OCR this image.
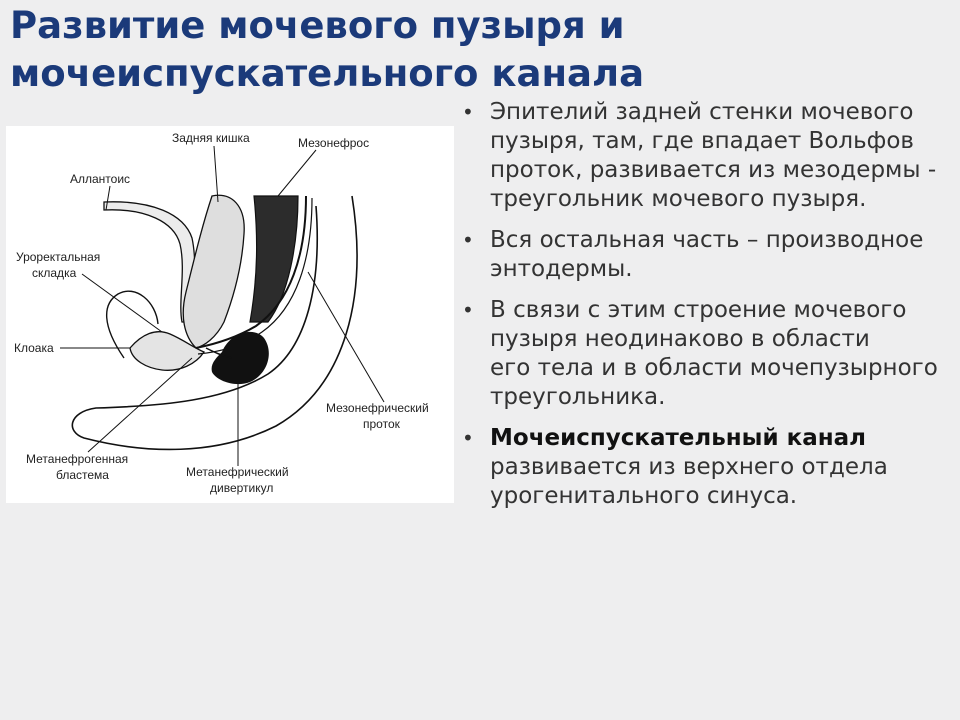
Развитие мочевого пузыря и
мочеиспускательного канала
Задняя кишка	Мезонефрос
Аллантоис
Уроректальная
складка
Клоака
Мезонефрический
проток
Метанефрогенная
бластема	Метанефрический
дивертикул
• Эпителий задней стенки мочевого пузыря, там, где впадает Вольфов проток, развивается из мезодермы - треугольник мочевого пузыря.
• Вся остальная часть – производное энтодермы.
• В связи с этим строение мочевого пузыря неодинаково в области      его тела и в области мочепузырного треугольника.
• Мочеиспускательный канал развивается из верхнего отдела урогенитального синуса.
